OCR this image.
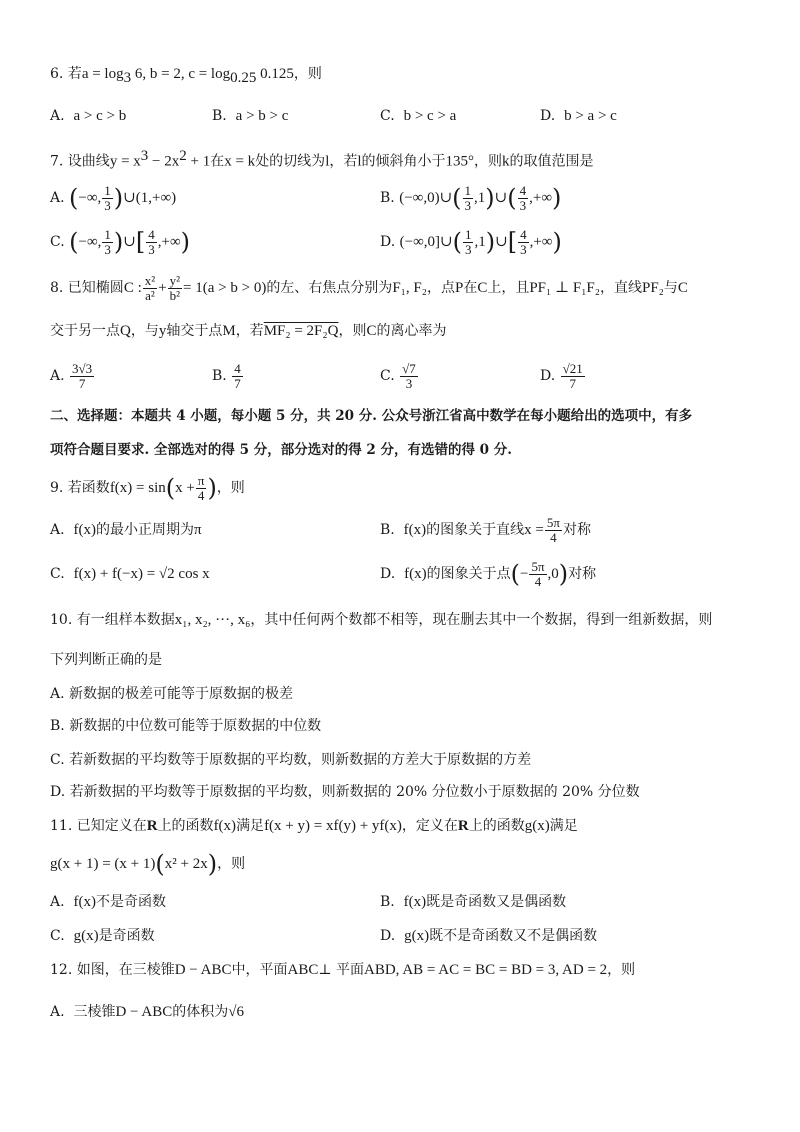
6. 若$a = \log_3 6$, b = 2, $c = \log_{0.25} 0.125$，则
A. a > c > b	B. a > b > c	C. b > c > a	D. b > a > c
7. 设曲线$y = x^3 - 2x^2 + 1$在x = k处的切线为l，若l的倾斜角小于135°，则k的取值范围是
A. (−∞, $\frac{1}{3}$ )∪(1,+∞)	B. (−∞,0)∪( $\frac{1}{3}$ ,1)∪( $\frac{4}{3}$ ,+∞)
C. (−∞, $\frac{1}{3}$ )∪[ $\frac{4}{3}$ ,+∞)	D. (−∞,0]∪( $\frac{1}{3}$ ,1)∪[ $\frac{4}{3}$ ,+∞)
8. 已知椭圆C : $\frac{\text{x²}}{\text{a²}} + \frac{\text{y²}}{\text{b²}} = 1(a > b > 0)$的左、右焦点分别为F₁, F₂，点P在C上，且PF₁ ⊥ F₁F₂，直线PF₂与C
交于另一点Q，与y轴交于点M，若MF₂ = 2F₂Q，则C的离心率为
A. $\frac{3√3}{7}$	B. $\frac{4}{7}$	C. $\frac{√7}{3}$	D. $\frac{√21}{7}$
二、选择题：本题共 4 小题，每小题 5 分，共 20 分. 公众号浙江省高中数学在每小题给出的选项中，有多
项符合题目要求. 全部选对的得 5 分，部分选对的得 2 分，有选错的得 0 分.
9. 若函数$f(x) = \sin(x + \frac{\pi}{4}$ )，则
A. f(x)的最小正周期为π	B. f(x)的图象关于直线$x = \frac{5\pi}{4}$ 对称
C. f(x) + f(−x) = √2 cos x	D. f(x)的图象关于点(− $\frac{5\pi}{4} ,0$)对称
10. 有一组样本数据x₁, x₂, ···, x₆，其中任何两个数都不相等，现在删去其中一个数据，得到一组新数据，则
下列判断正确的是
A. 新数据的极差可能等于原数据的极差
B. 新数据的中位数可能等于原数据的中位数
C. 若新数据的平均数等于原数据的平均数，则新数据的方差大于原数据的方差
D. 若新数据的平均数等于原数据的平均数，则新数据的 20% 分位数小于原数据的 20% 分位数
11. 已知定义在R上的函数f(x)满足f(x + y) = xf(y) + yf(x)，定义在R上的函数g(x)满足
g(x + 1) = (x + 1)(x² + 2x)，则
A. f(x)不是奇函数	B. f(x)既是奇函数又是偶函数
C. g(x)是奇函数	D. g(x)既不是奇函数又不是偶函数
12. 如图，在三棱锥D − ABC中，平面ABC⊥ 平面ABD, AB = AC = BC = BD = 3, AD = 2，则
A. 三棱锥D − ABC的体积为√6
